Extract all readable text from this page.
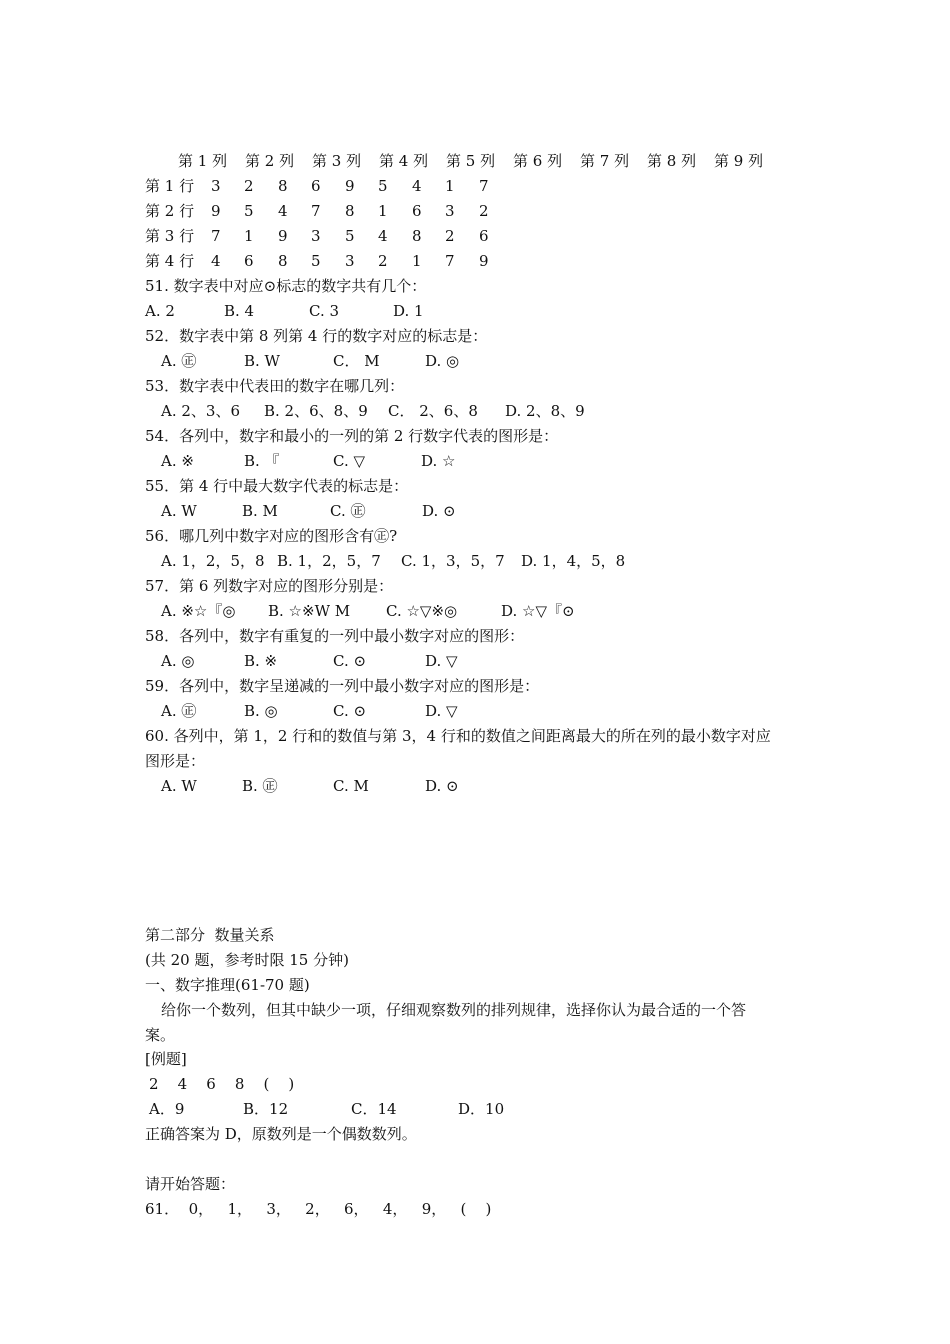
第 1 列 第 2 列 第 3 列 第 4 列 第 5 列 第 6 列 第 7 列 第 8 列 第 9 列
第 1 行 3 2 8 6 9 5 4 1 7
第 2 行 9 5 4 7 8 1 6 3 2
第 3 行 7 1 9 3 5 4 8 2 6
第 4 行 4 6 8 5 3 2 1 7 9
51. 数字表中对应⊙标志的数字共有几个：
A. 2	B. 4	C. 3	D. 1
52．数字表中第 8 列第 4 行的数字对应的标志是：
A. ㊣	B. W	C． M	D. ◎
53．数字表中代表田的数字在哪几列：
A. 2、3、6 B. 2、6、8、9 C． 2、6、8 D. 2、8、9
54．各列中，数字和最小的一列的第 2 行数字代表的图形是：
A. ※	B. 『	C. ▽	D. ☆
55．第 4 行中最大数字代表的标志是：
A. W	B. M	C. ㊣	D. ⊙
56．哪几列中数字对应的图形含有㊣?
A. 1，2，5，8 B. 1，2，5，7 C. 1，3，5，7 D. 1，4，5，8
57．第 6 列数字对应的图形分别是：
A. ※☆『◎ B. ☆※W M C. ☆▽※◎	D. ☆▽『⊙
58．各列中，数字有重复的一列中最小数字对应的图形：
A. ◎	B. ※	C. ⊙	D. ▽
59．各列中，数字呈递减的一列中最小数字对应的图形是：
A. ㊣	B. ◎	C. ⊙	D. ▽
60. 各列中，第 1，2 行和的数值与第 3，4 行和的数值之间距离最大的所在列的最小数字对应
图形是：
A. W	B. ㊣	C. M	D. ⊙
第二部分  数量关系
(共 20 题，参考时限 15 分钟)
一、数字推理(61-70 题)
给你一个数列，但其中缺少一项，仔细观察数列的排列规律，选择你认为最合适的一个答
案。
[例题]
2    4    6    8    (    )
A．9	B．12	C．14	D．10
正确答案为 D，原数列是一个偶数数列。
请开始答题：
61．  0，   1，   3，   2，   6，   4，   9，   (    )
